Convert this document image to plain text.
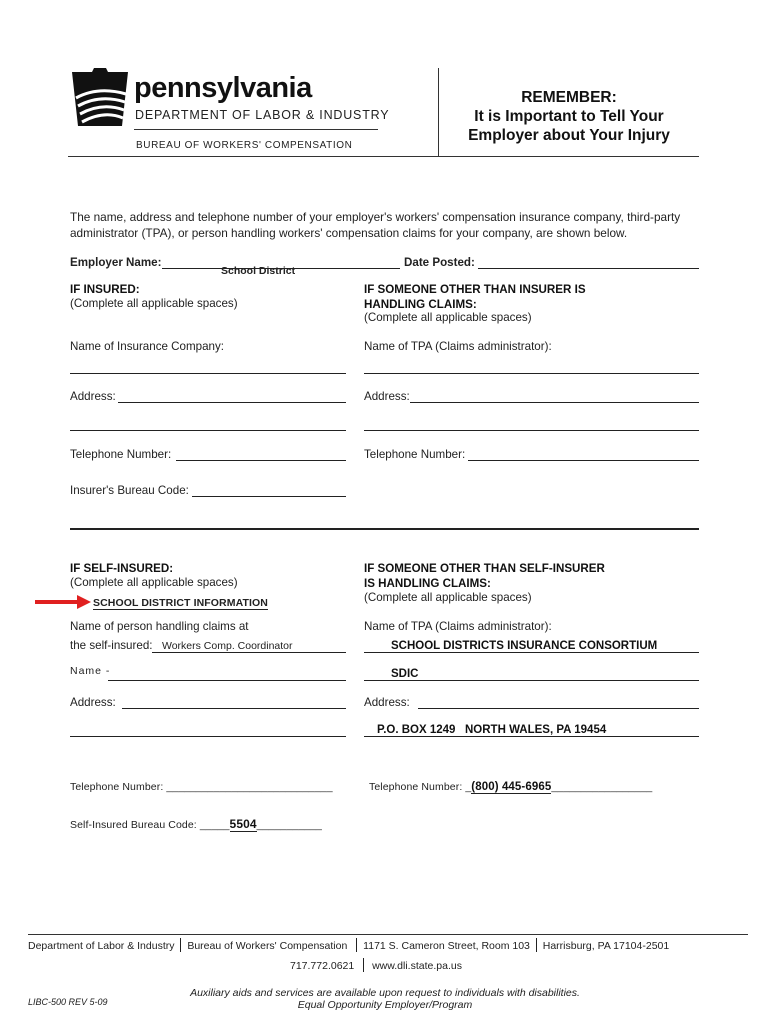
pennsylvania
DEPARTMENT OF LABOR & INDUSTRY
BUREAU OF WORKERS' COMPENSATION
REMEMBER:
It is Important to Tell Your
Employer about Your Injury
The name, address and telephone number of your employer's workers' compensation insurance company, third-party
administrator (TPA), or person handling workers' compensation claims for your company, are shown below.
Employer Name:
School District
Date Posted:
IF INSURED:
(Complete all applicable spaces)
IF SOMEONE OTHER THAN INSURER IS
HANDLING CLAIMS:
(Complete all applicable spaces)
Name of Insurance Company:	Name of TPA (Claims administrator):
Address:	Address:
Telephone Number:	Telephone Number:
Insurer's Bureau Code:
IF SELF-INSURED:
(Complete all applicable spaces)
SCHOOL DISTRICT INFORMATION
IF SOMEONE OTHER THAN SELF-INSURER
IS HANDLING CLAIMS:
(Complete all applicable spaces)
Name of person handling claims at
the self-insured: Workers Comp. Coordinator
Name of TPA (Claims administrator):
SCHOOL DISTRICTS INSURANCE CONSORTIUM
Name -	SDIC
Address:	Address:
P.O. BOX 1249   NORTH WALES, PA 19454
Telephone Number: ____________________________	Telephone Number: _(800) 445-6965_________________
Self-Insured Bureau Code: _____5504___________
Department of Labor & Industry Bureau of Workers' Compensation 1171 S. Cameron Street, Room 103 Harrisburg, PA 17104-2501
717.772.0621 www.dli.state.pa.us
Auxiliary aids and services are available upon request to individuals with disabilities.
Equal Opportunity Employer/Program
LIBC-500 REV 5-09
